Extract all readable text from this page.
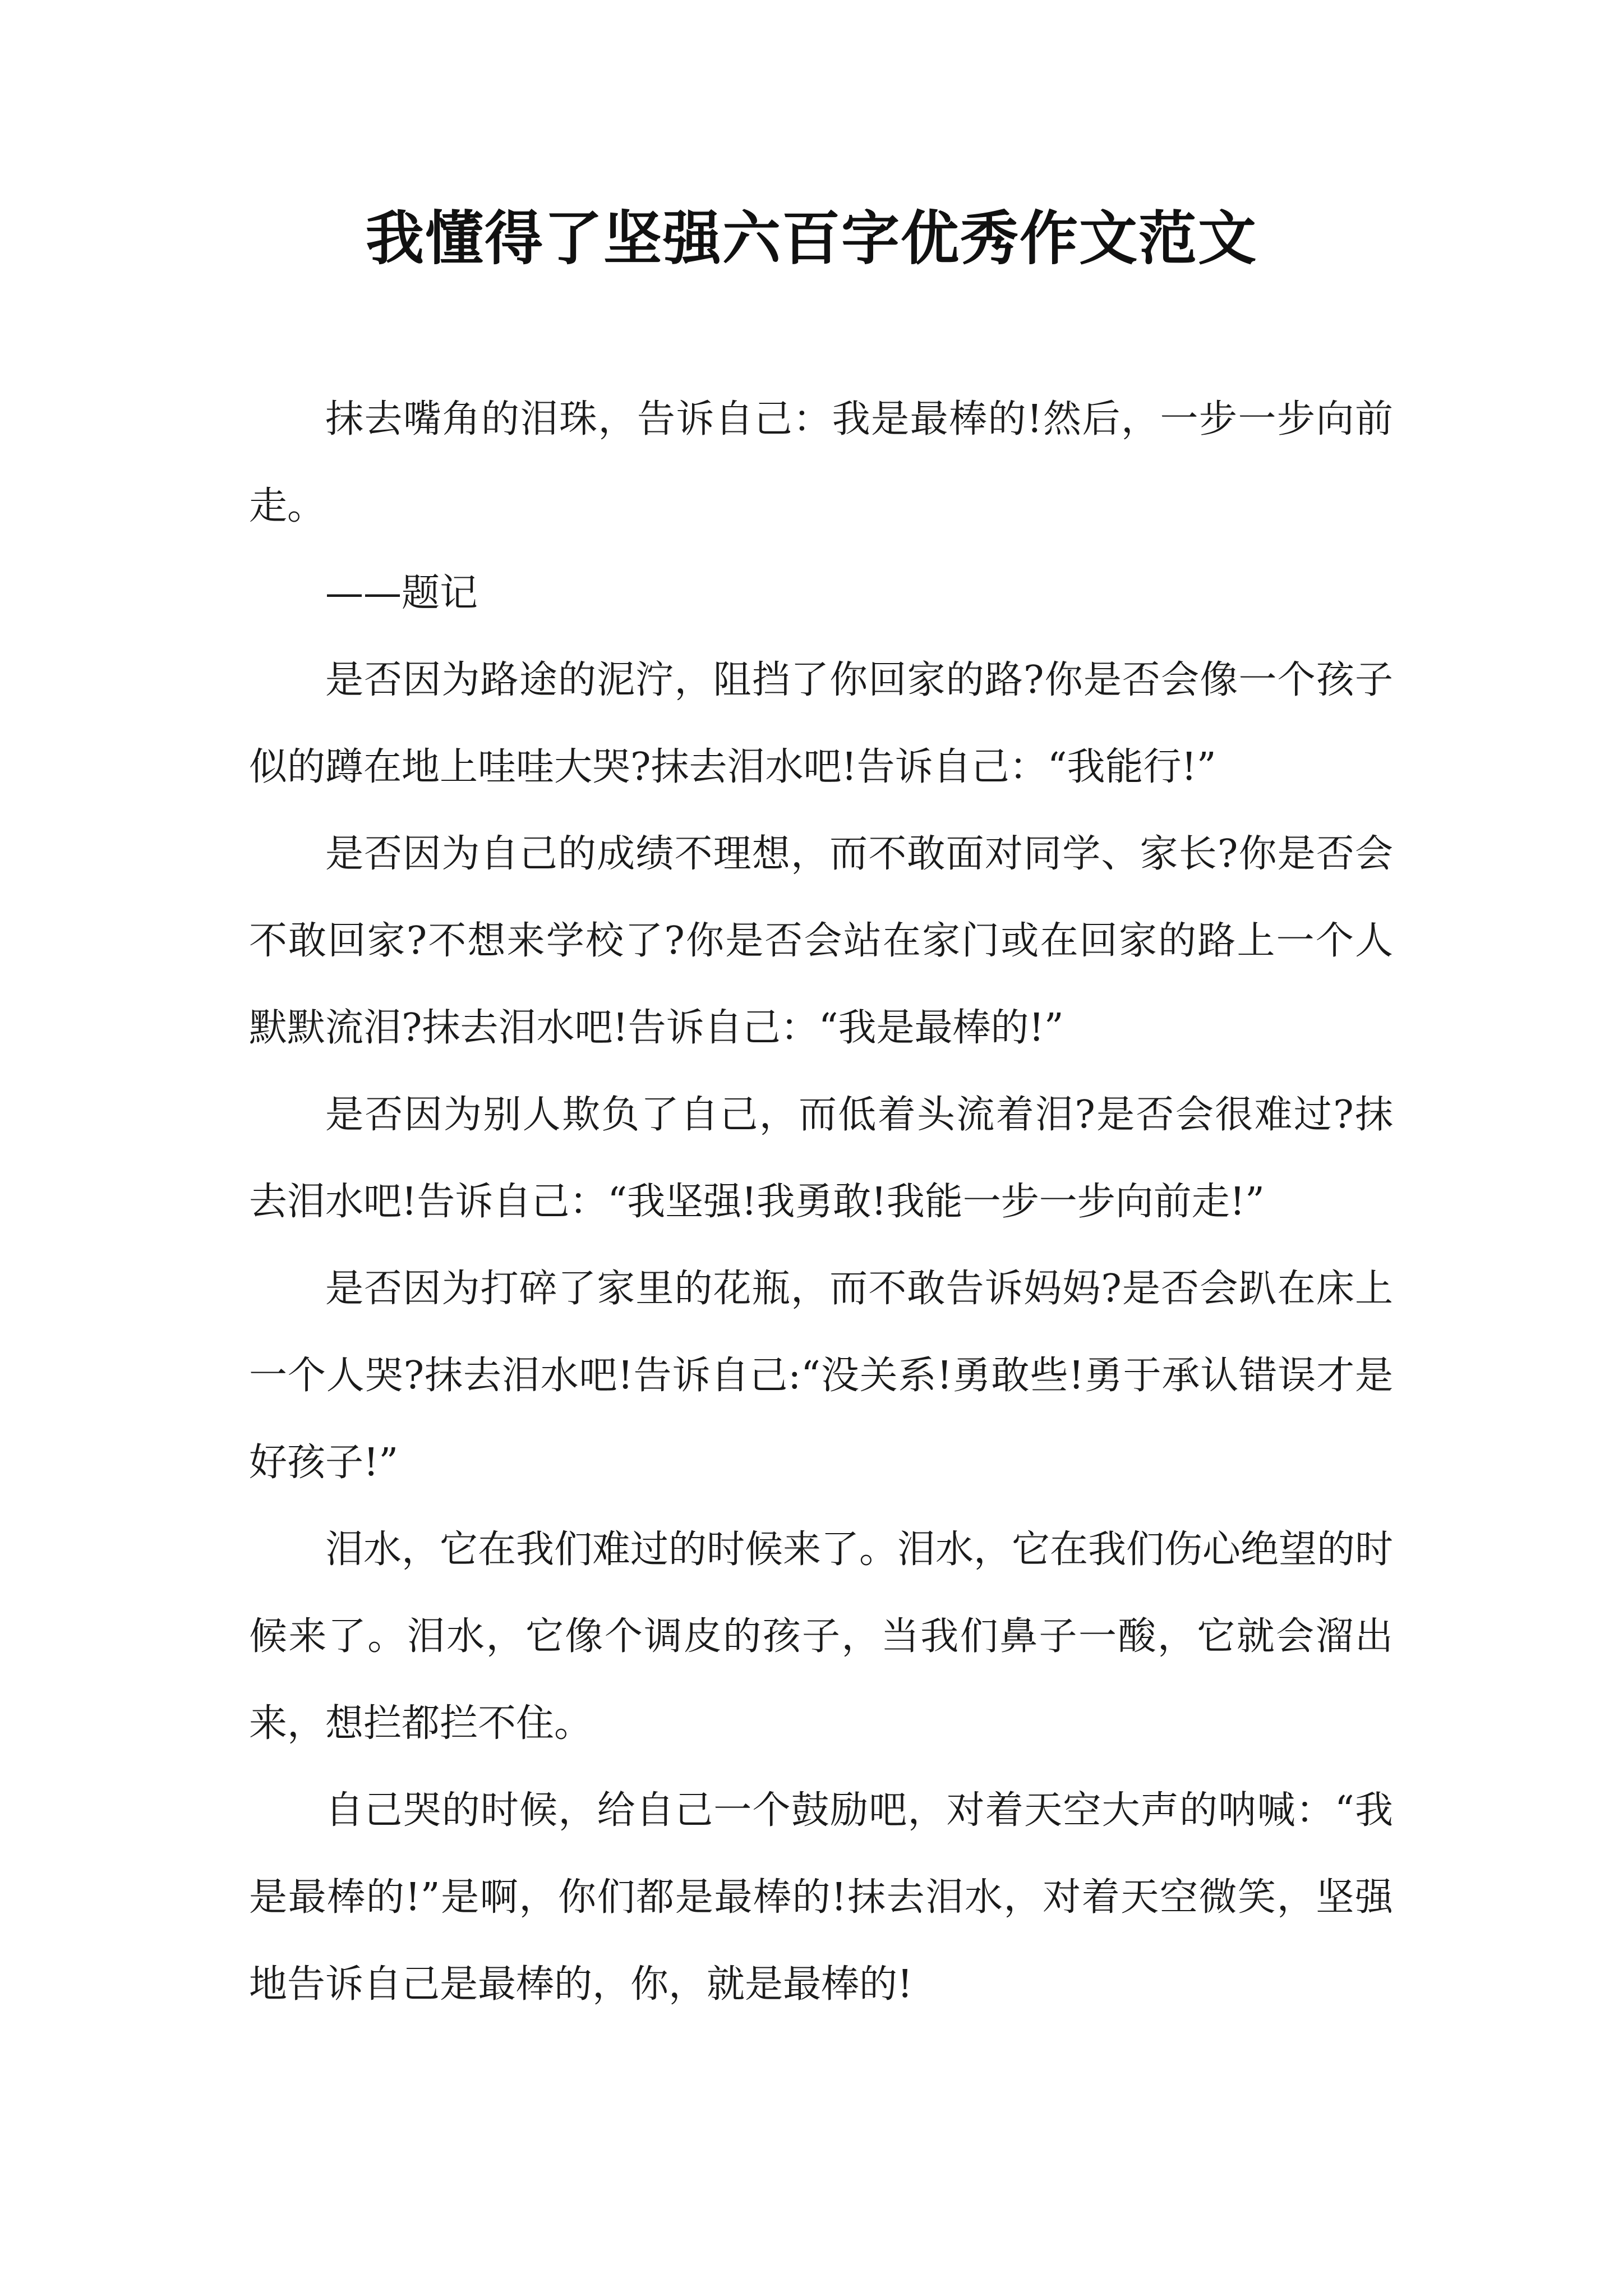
我懂得了坚强六百字优秀作文范文

抹去嘴角的泪珠，告诉自己：我是最棒的!然后，一步一步向前走。

——题记

是否因为路途的泥泞，阻挡了你回家的路?你是否会像一个孩子似的蹲在地上哇哇大哭?抹去泪水吧!告诉自己：“我能行!”

是否因为自己的成绩不理想，而不敢面对同学、家长?你是否会不敢回家?不想来学校了?你是否会站在家门或在回家的路上一个人默默流泪?抹去泪水吧!告诉自己：“我是最棒的!”

是否因为别人欺负了自己，而低着头流着泪?是否会很难过?抹去泪水吧!告诉自己：“我坚强!我勇敢!我能一步一步向前走!”

是否因为打碎了家里的花瓶，而不敢告诉妈妈?是否会趴在床上一个人哭?抹去泪水吧!告诉自己:“没关系!勇敢些!勇于承认错误才是好孩子!”

泪水，它在我们难过的时候来了。泪水，它在我们伤心绝望的时候来了。泪水，它像个调皮的孩子，当我们鼻子一酸，它就会溜出来，想拦都拦不住。

自己哭的时候，给自己一个鼓励吧，对着天空大声的呐喊：“我是最棒的!”是啊，你们都是最棒的!抹去泪水，对着天空微笑，坚强地告诉自己是最棒的，你，就是最棒的!
